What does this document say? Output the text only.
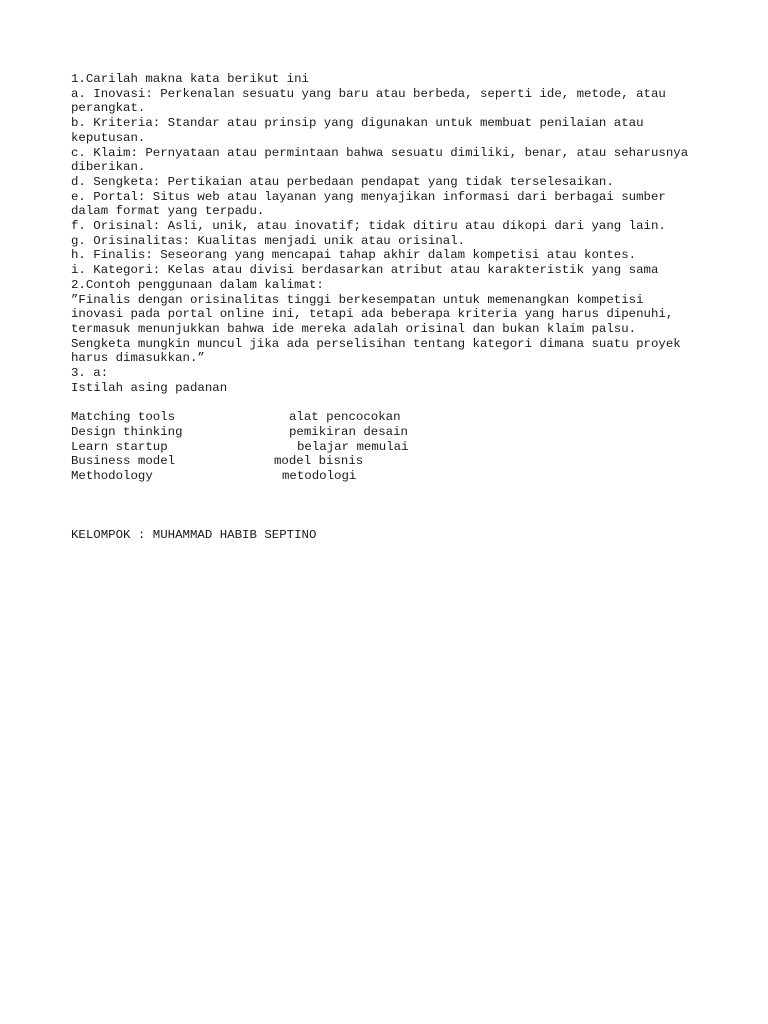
1.Carilah makna kata berikut ini

a. Inovasi: Perkenalan sesuatu yang baru atau berbeda, seperti ide, metode, atau

perangkat.

b. Kriteria: Standar atau prinsip yang digunakan untuk membuat penilaian atau

keputusan.

c. Klaim: Pernyataan atau permintaan bahwa sesuatu dimiliki, benar, atau seharusnya

diberikan.

d. Sengketa: Pertikaian atau perbedaan pendapat yang tidak terselesaikan.

e. Portal: Situs web atau layanan yang menyajikan informasi dari berbagai sumber

dalam format yang terpadu.

f. Orisinal: Asli, unik, atau inovatif; tidak ditiru atau dikopi dari yang lain.

g. Orisinalitas: Kualitas menjadi unik atau orisinal.

h. Finalis: Seseorang yang mencapai tahap akhir dalam kompetisi atau kontes.

i. Kategori: Kelas atau divisi berdasarkan atribut atau karakteristik yang sama

2.Contoh penggunaan dalam kalimat:

”Finalis dengan orisinalitas tinggi berkesempatan untuk memenangkan kompetisi

inovasi pada portal online ini, tetapi ada beberapa kriteria yang harus dipenuhi,

termasuk menunjukkan bahwa ide mereka adalah orisinal dan bukan klaim palsu.

Sengketa mungkin muncul jika ada perselisihan tentang kategori dimana suatu proyek

harus dimasukkan.”

3. a:

Istilah asing padanan

Matching tools	alat pencocokan
Design thinking	pemikiran desain
Learn startup	belajar memulai
Business model	model bisnis
Methodology	metodologi

KELOMPOK : MUHAMMAD HABIB SEPTINO
